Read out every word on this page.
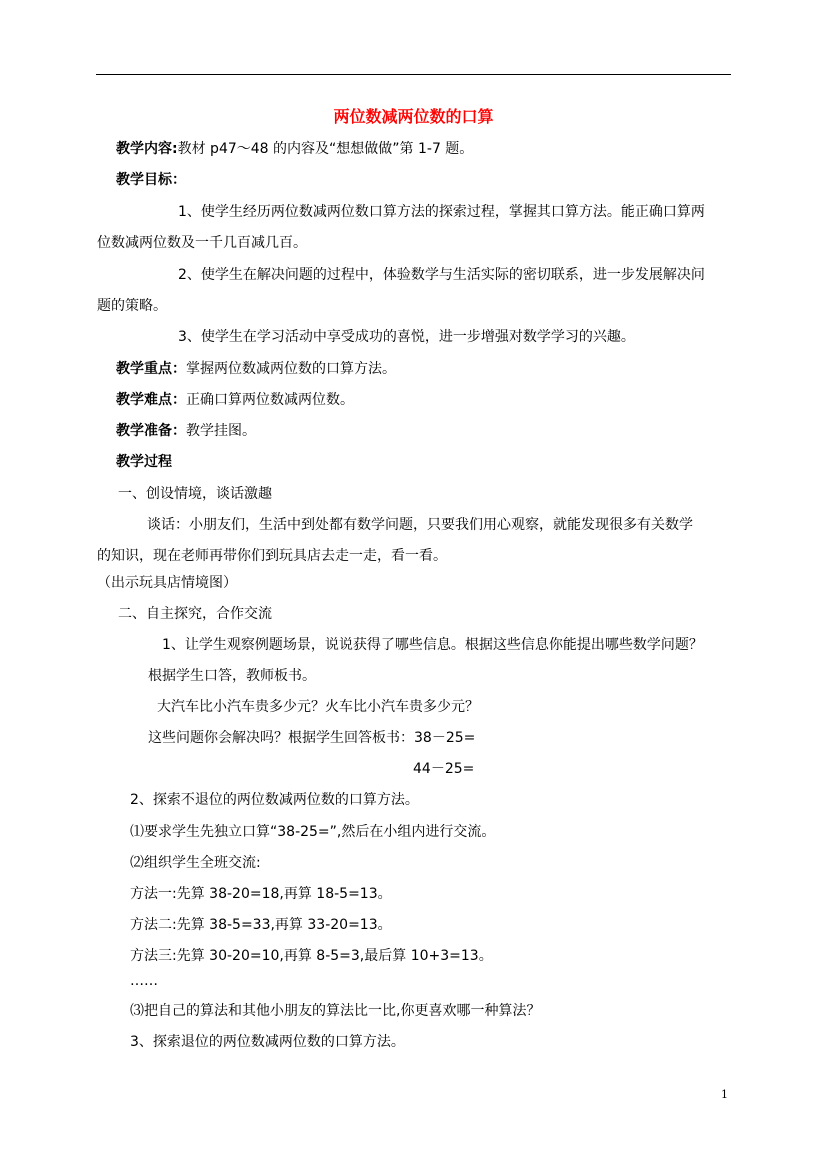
两位数减两位数的口算
教学内容:教材 p47～48 的内容及“想想做做”第 1-7 题。
教学目标：
1、使学生经历两位数减两位数口算方法的探索过程，掌握其口算方法。能正确口算两
位数减两位数及一千几百减几百。
2、使学生在解决问题的过程中，体验数学与生活实际的密切联系，进一步发展解决问
题的策略。
3、使学生在学习活动中享受成功的喜悦，进一步增强对数学学习的兴趣。
教学重点：掌握两位数减两位数的口算方法。
教学难点：正确口算两位数减两位数。
教学准备：教学挂图。
教学过程
一、创设情境，谈话激趣
谈话：小朋友们，生活中到处都有数学问题，只要我们用心观察，就能发现很多有关数学
的知识，现在老师再带你们到玩具店去走一走，看一看。
（出示玩具店情境图）
二、自主探究，合作交流
1、让学生观察例题场景，说说获得了哪些信息。根据这些信息你能提出哪些数学问题？
根据学生口答，教师板书。
大汽车比小汽车贵多少元？火车比小汽车贵多少元？
这些问题你会解决吗？根据学生回答板书：38－25=
44－25=
2、探索不退位的两位数减两位数的口算方法。
⑴要求学生先独立口算“38-25=”,然后在小组内进行交流。
⑵组织学生全班交流:
方法一:先算 38-20=18,再算 18-5=13。
方法二:先算 38-5=33,再算 33-20=13。
方法三:先算 30-20=10,再算 8-5=3,最后算 10+3=13。
……
⑶把自己的算法和其他小朋友的算法比一比,你更喜欢哪一种算法？
3、探索退位的两位数减两位数的口算方法。
1
